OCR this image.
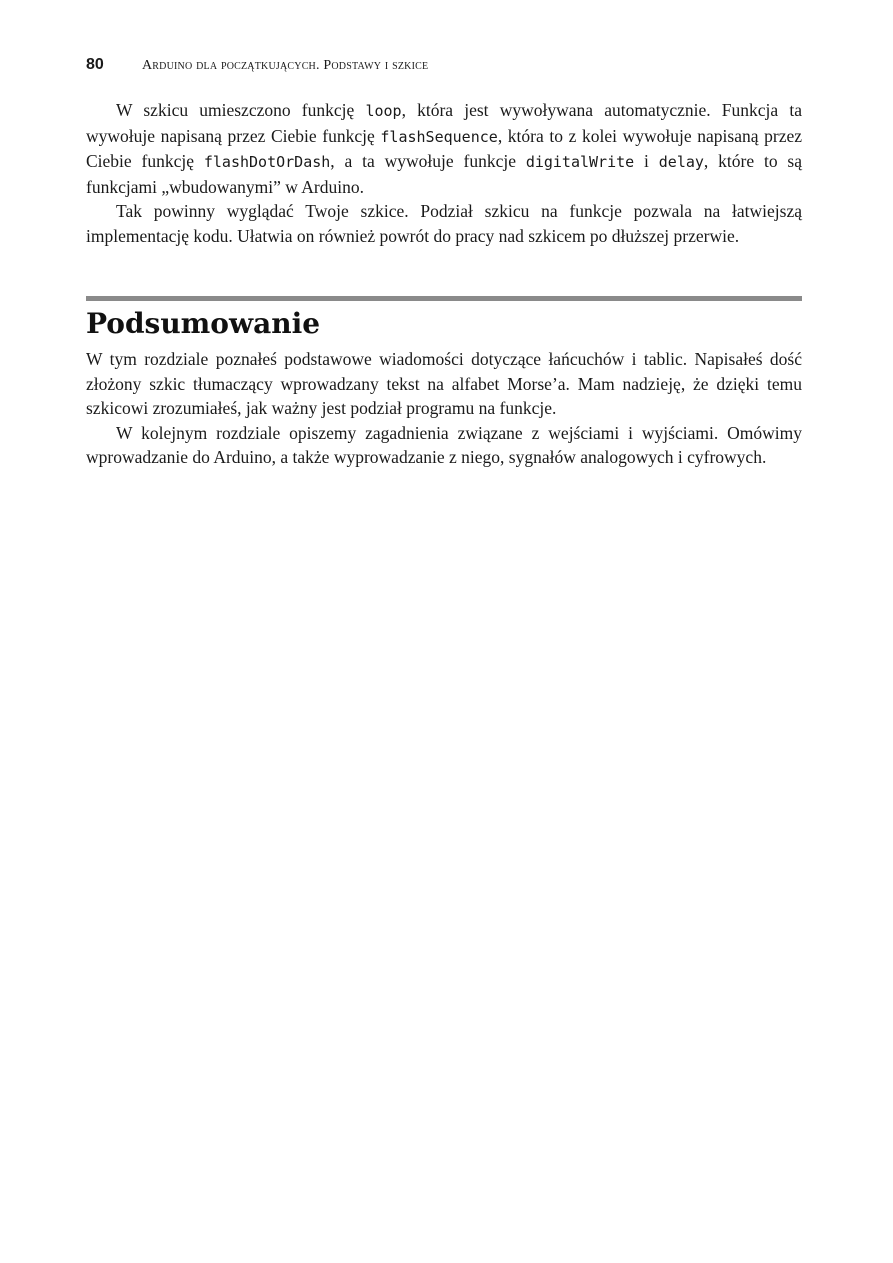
80	Arduino dla początkujących. Podstawy i szkice

W szkicu umieszczono funkcję loop, która jest wywoływana automatycznie. Funkcja ta wywołuje napisaną przez Ciebie funkcję flashSequence, która to z kolei wywołuje napisaną przez Ciebie funkcję flashDotOrDash, a ta wywołuje funkcje digitalWrite i delay, które to są funkcjami „wbudowanymi” w Arduino.

Tak powinny wyglądać Twoje szkice. Podział szkicu na funkcje pozwala na łatwiejszą implementację kodu. Ułatwia on również powrót do pracy nad szkicem po dłuższej przerwie.

Podsumowanie

W tym rozdziale poznałeś podstawowe wiadomości dotyczące łańcuchów i tablic. Napisałeś dość złożony szkic tłumaczący wprowadzany tekst na alfabet Morse’a. Mam nadzieję, że dzięki temu szkicowi zrozumiałeś, jak ważny jest podział programu na funkcje.

W kolejnym rozdziale opiszemy zagadnienia związane z wejściami i wyjściami. Omówimy wprowadzanie do Arduino, a także wyprowadzanie z niego, sygnałów analogowych i cyfrowych.
